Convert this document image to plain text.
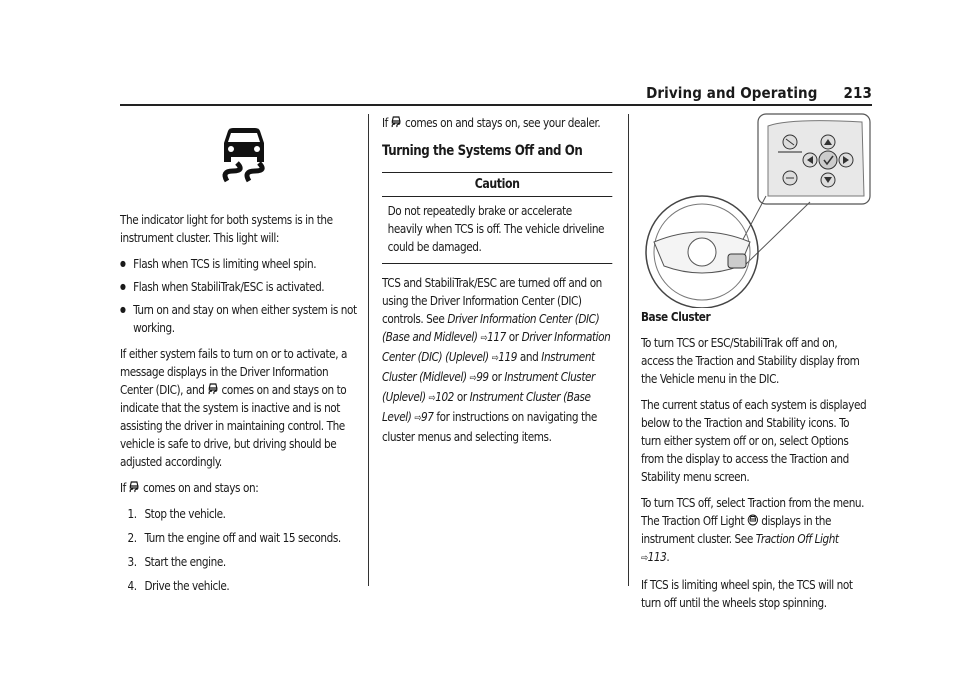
Driving and Operating 213

The indicator light for both systems is in the instrument cluster. This light will:

● Flash when TCS is limiting wheel spin.
● Flash when StabiliTrak/ESC is activated.
● Turn on and stay on when either system is not working.

If either system fails to turn on or to activate, a message displays in the Driver Information Center (DIC), and comes on and stays on to indicate that the system is inactive and is not assisting the driver in maintaining control. The vehicle is safe to drive, but driving should be adjusted accordingly.

If comes on and stays on:

1. Stop the vehicle.
2. Turn the engine off and wait 15 seconds.
3. Start the engine.
4. Drive the vehicle.

If comes on and stays on, see your dealer.

Turning the Systems Off and On
Caution
Do not repeatedly brake or accelerate heavily when TCS is off. The vehicle driveline could be damaged.

TCS and StabiliTrak/ESC are turned off and on using the Driver Information Center (DIC) controls. See Driver Information Center (DIC) (Base and Midlevel) ⇨117 or Driver Information Center (DIC) (Uplevel) ⇨119 and Instrument Cluster (Midlevel) ⇨99 or Instrument Cluster (Uplevel) ⇨102 or Instrument Cluster (Base Level) ⇨97 for instructions on navigating the cluster menus and selecting items.

Base Cluster

To turn TCS or ESC/StabiliTrak off and on, access the Traction and Stability display from the Vehicle menu in the DIC.

The current status of each system is displayed below to the Traction and Stability icons. To turn either system off or on, select Options from the display to access the Traction and Stability menu screen.

To turn TCS off, select Traction from the menu. The Traction Off Light displays in the instrument cluster. See Traction Off Light ⇨113.

If TCS is limiting wheel spin, the TCS will not turn off until the wheels stop spinning.
